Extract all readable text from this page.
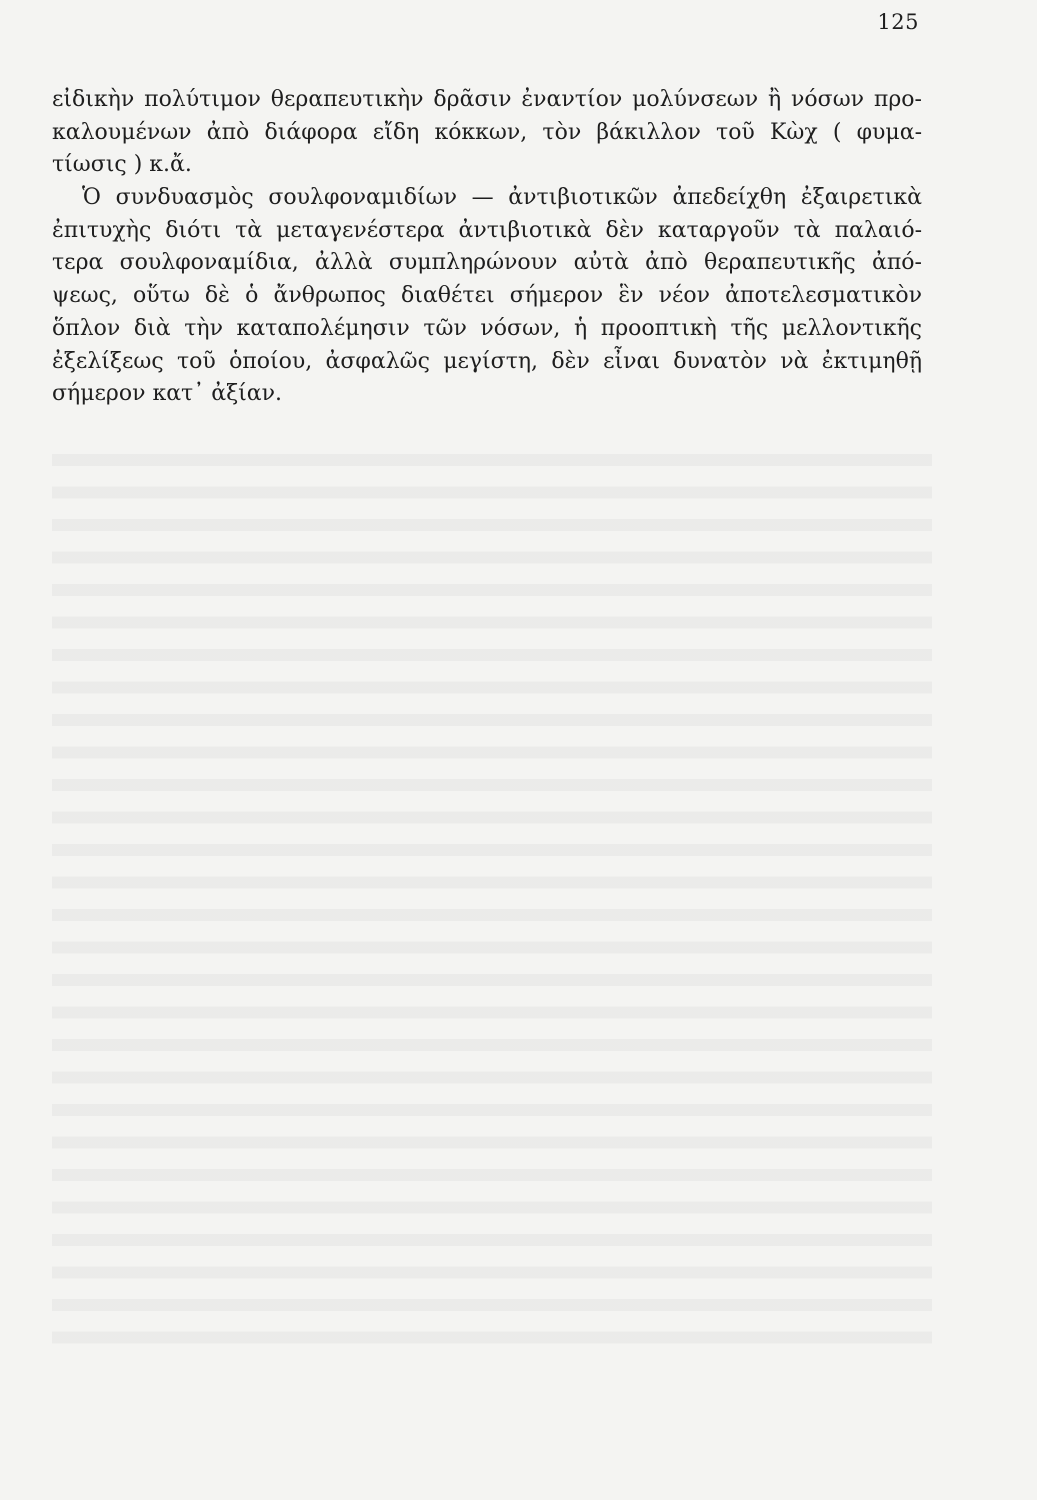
125
εἰδικὴν πολύτιμον θεραπευτικὴν δρᾶσιν ἐναντίον μολύνσεων ἢ νόσων προ-
καλουμένων ἀπὸ διάφορα εἴδη κόκκων, τὸν βάκιλλον τοῦ Κὼχ ( φυμα-
τίωσις ) κ.ἄ.
Ὁ συνδυασμὸς σουλφοναμιδίων — ἀντιβιοτικῶν ἀπεδείχθη ἐξαιρετικὰ
ἐπιτυχὴς διότι τὰ μεταγενέστερα ἀντιβιοτικὰ δὲν καταργοῦν τὰ παλαιό-
τερα σουλφοναμίδια, ἀλλὰ συμπληρώνουν αὐτὰ ἀπὸ θεραπευτικῆς ἀπό-
ψεως, οὕτω δὲ ὁ ἄνθρωπος διαθέτει σήμερον ἓν νέον ἀποτελεσματικὸν
ὅπλον διὰ τὴν καταπολέμησιν τῶν νόσων, ἡ προοπτικὴ τῆς μελλοντικῆς
ἐξελίξεως τοῦ ὁποίου, ἀσφαλῶς μεγίστη, δὲν εἶναι δυνατὸν νὰ ἐκτιμηθῇ
σήμερον κατ᾽ ἀξίαν.
